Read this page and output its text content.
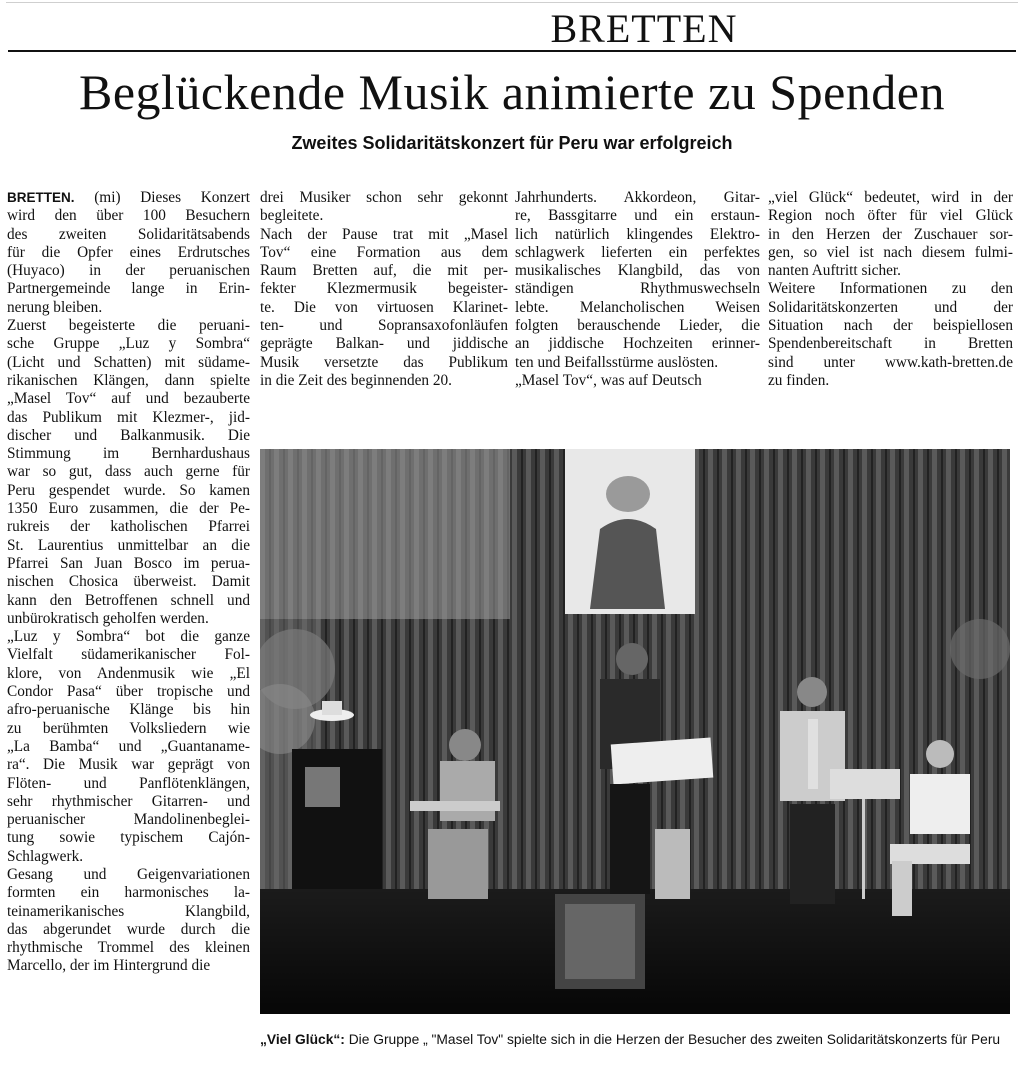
BRETTEN
Beglückende Musik animierte zu Spenden
Zweites Solidaritätskonzert für Peru war erfolgreich
BRETTEN. (mi) Dieses Konzert
wird den über 100 Besuchern
des zweiten Solidaritätsabends
für die Opfer eines Erdrutsches
(Huyaco) in der peruanischen
Partnergemeinde lange in Erin-
nerung bleiben.
Zuerst begeisterte die peruani-
sche Gruppe „Luz y Sombra“
(Licht und Schatten) mit südame-
rikanischen Klängen, dann spielte
„Masel Tov“ auf und bezauberte
das Publikum mit Klezmer-, jid-
discher und Balkanmusik. Die
Stimmung im Bernhardushaus
war so gut, dass auch gerne für
Peru gespendet wurde. So kamen
1350 Euro zusammen, die der Pe-
rukreis der katholischen Pfarrei
St. Laurentius unmittelbar an die
Pfarrei San Juan Bosco im perua-
nischen Chosica überweist. Damit
kann den Betroffenen schnell und
unbürokratisch geholfen werden.
„Luz y Sombra“ bot die ganze
Vielfalt südamerikanischer Fol-
klore, von Andenmusik wie „El
Condor Pasa“ über tropische und
afro-peruanische Klänge bis hin
zu berühmten Volksliedern wie
„La Bamba“ und „Guantaname-
ra“. Die Musik war geprägt von
Flöten- und Panflötenklängen,
sehr rhythmischer Gitarren- und
peruanischer Mandolinenbeglei-
tung sowie typischem Cajón-
Schlagwerk.
Gesang und Geigenvariationen
formten ein harmonisches la-
teinamerikanisches Klangbild,
das abgerundet wurde durch die
rhythmische Trommel des kleinen
Marcello, der im Hintergrund die
drei Musiker schon sehr gekonnt
begleitete.
Nach der Pause trat mit „Masel
Tov“ eine Formation aus dem
Raum Bretten auf, die mit per-
fekter Klezmermusik begeister-
te. Die von virtuosen Klarinet-
ten- und Sopransaxofonläufen
geprägte Balkan- und jiddische
Musik versetzte das Publikum
in die Zeit des beginnenden 20.
Jahrhunderts. Akkordeon, Gitar-
re, Bassgitarre und ein erstaun-
lich natürlich klingendes Elektro-
schlagwerk lieferten ein perfektes
musikalisches Klangbild, das von
ständigen Rhythmuswechseln
lebte. Melancholischen Weisen
folgten berauschende Lieder, die
an jiddische Hochzeiten erinner-
ten und Beifallsstürme auslösten.
„Masel Tov“, was auf Deutsch
„viel Glück“ bedeutet, wird in der
Region noch öfter für viel Glück
in den Herzen der Zuschauer sor-
gen, so viel ist nach diesem fulmi-
nanten Auftritt sicher.
Weitere Informationen zu den
Solidaritätskonzerten und der
Situation nach der beispiellosen
Spendenbereitschaft in Bretten
sind unter www.kath-bretten.de
zu finden.
„Viel Glück“: Die Gruppe „ "Masel Tov" spielte sich in die Herzen der Besucher des zweiten Solidaritätskonzerts für Peru
